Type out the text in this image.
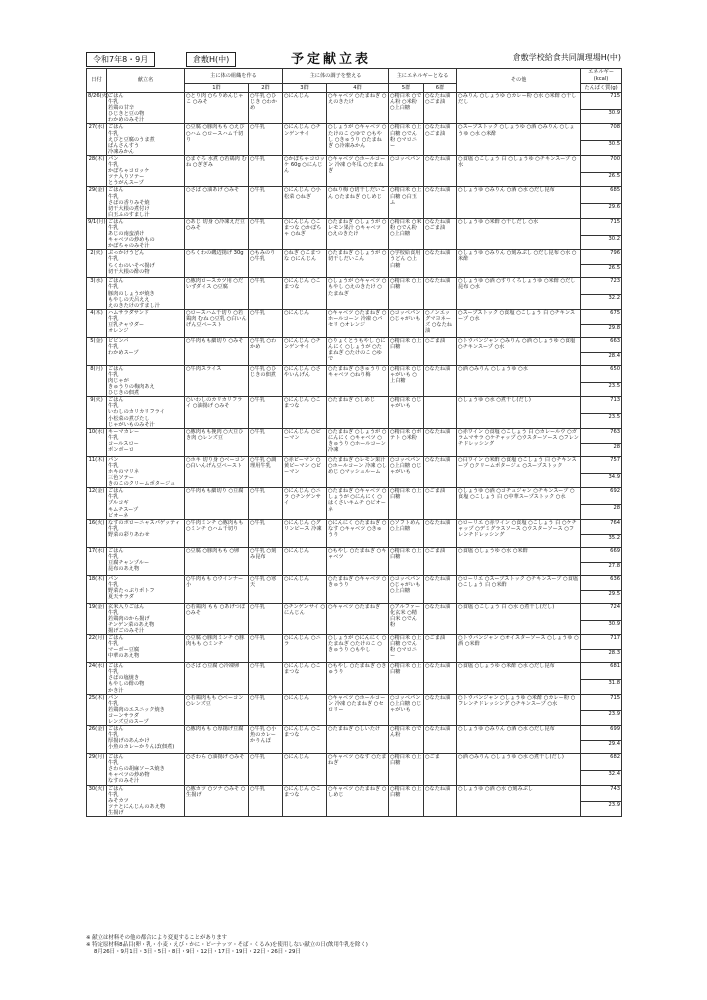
令和7年8・9月	倉敷H(中)	予定献立表	倉敷学校給食共同調理場H(中)
日付	献立名	主に体の組織を作る		主に体の調子を整える		主にエネルギーとなる		その他	エネルギー(kcal)
		1群	2群	3群	4群	5群	6群		たんぱく質(g)
8/26(火)	ごはん
牛乳
若鶏の甘辛
ひじきと豆の物
わかめのみそ汁	○とり肉 ○ちりめんじゃこ ○みそ	○牛乳 ○ひじき ○わかめ	○にんじん	○キャベツ ○たまねぎ ○えのきたけ	○精白米 ○でん粉 ○米粉 ○上白糖	○なたね油 ○ごま油	○みりん ○しょうゆ ○カレー粉 ○水 ○米酢 ○干しだし	715
									30.9
27(水)	ごはん
牛乳
えびと豆腐のうま煮
ぱんさんすう
冷凍みかん	○豆腐 ○豚肉もも ○えび ○ハム ○ロースハム千切り	○牛乳	○にんじん ○チンゲンサイ	○しょうが ○キャベツ ○たけのこ ○ゆで ○もやし ○きゅうり ○たまねぎ ○冷凍みかん	○精白米 ○上白糖 ○でん粉 ○マロニー	○なたね油 ○ごま油	○スープストック ○しょうゆ ○酒 ○みりん ○しょうゆ ○水 ○米酢	708
									30.5
28(木)	パン
牛乳
かぼちゃコロッケ
ツナ入りソテー
とうがんスープ	○まぐろ 水煮 ○若鶏肉 むね ○ぎぎみ	○牛乳	○かぼちゃコロッケ 60g ○にんじん	○キャベツ ○ホールコーン 冷凍 ○冬瓜 ○たまねぎ	○コッペパン	○なたね油	○食塩 ○こしょう 白 ○しょうゆ ○チキンスープ ○水	700
									26.5
29(金)	ごはん
牛乳
さばの香りみそ焼
切干大根の煮付け
白玉ふのすまし汁	○さば ○油あげ ○みそ	○牛乳	○にんじん ○小松菜 ○ねぎ	○ねり梅 ○切干しだいこん ○たまねぎ ○しめじ	○精白米 ○上白糖 ○白玉ふ	○なたね油	○しょうゆ ○みりん ○酒 ○水 ○だし昆布	685
									29.6
9/1(月)	ごはん
牛乳
あじの南蛮漬け
キャベツの炒めもの
かぼちゃのみそ汁	○あじ 切身 ○冷凍えだ豆 ○みそ	○牛乳	○にんじん ○こまつな ○かぼちゃ ○ねぎ	○たまねぎ ○しょうが ○レモン果汁 ○キャベツ ○えのきたけ	○精白米 ○米粉 ○でん粉 ○上白糖	○なたね油 ○ごま油	○しょうゆ ○米酢 ○干しだし ○水	715
									30.2
2(火)	ぶっかけうどん
牛乳
ちくわのいそべ揚げ
切干大根の酢の物	○ちくわの磯辺揚げ 30g	○もみのり ○牛乳	○ねぎ ○こまつな ○にんじん	○たまねぎ ○しょうが ○切干しだいこん	○学校給食用うどん ○上白糖	○なたね油	○しょうゆ ○みりん ○刻みぶし ○だし昆布 ○水 ○米酢	796
									26.5
3(水)	ごはん
牛乳
豚肉のしょうが焼き
もやしの天呂ええ
えのきたけのすまし汁	○豚肉ロースカツ用 ○だいずダイス ○豆腐	○牛乳	○にんじん ○こまつな	○しょうが ○キャベツ ○もやし ○えのきたけ ○たまねぎ	○精白米 ○上白糖	○なたね油	○しょうゆ ○酒 ○すりくろしょうゆ ○米酢 ○だし昆布 ○水	723
									32.2
4(木)	ハムサラダサンド
牛乳
豆乳チャウダー
オレンジ	○ロースハム千切り ○若鶏肉 むね ○豆乳 ○白いんげん豆ペースト	○牛乳	○にんじん	○キャベツ ○たまねぎ ○ホールコーン 冷凍 ○パセリ ○オレンジ	○コッペパン ○じゃがいも	○ノンエッグマヨネーズ ○なたね油	○スープストック ○食塩 ○こしょう 白 ○チキンスープ ○水	675
									29.8
5(金)	ビビンバ
牛乳
わかめスープ	○牛肉もも細切り ○みそ	○牛乳 ○わかめ	○にんじん ○チンゲンサイ	○りょくとうもやし ○にんにく ○しょうが ○たまねぎ ○たけのこ ○ゆで	○精白米 ○上白糖	○ごま油	○トウバンジャン ○みりん ○酒 ○しょうゆ ○食塩 ○チキンスープ ○水	663
									28.4
8(月)	ごはん
牛乳
肉じゃが
きゅうりの梅肉あえ
ひじきの佃煮	○牛肉スライス	○牛乳 ○ひじきの佃煮	○にんじん ○さやいんげん	○たまねぎ ○きゅうり ○キャベツ ○ねり梅	○精白米 ○じゃがいも ○上白糖	○なたね油	○酒 ○みりん ○しょうゆ ○水	650
									23.5
9(火)	ごはん
牛乳
いわしのカリカリフライ
小松菜の煮びたし
じゃがいものみそ汁	○いわしのカリカリフライ ○油揚げ ○みそ	○牛乳	○にんじん ○こまつな	○たまねぎ ○しめじ	○精白米 ○じゃがいも		○しょうゆ ○水 ○煮干し(だし)	713
									23.5
10(水)	キーマカレー
牛乳
コールスロー
ボンボーロ	○豚肉もも挽肉 ○大豆ひき肉 ○レンズ豆	○牛乳	○にんじん ○ピーマン	○たまねぎ ○しょうが ○にんにく ○キャベツ ○きゅうり ○ホールコーン 冷凍	○精白米 ○ポテト ○米粉	○なたね油	○赤ワイン ○食塩 ○こしょう 白 ○カレールウ ○ガラムマサラ ○ケチャップ ○ウスターソース ○フレンチドレッシング	763
									28
11(木)	パン
牛乳
ホキのマリネ
三色ソテー
きのこのクリームポタージュ	○ホキ 切り身 ○ベーコン ○白いんげん豆ペースト	○牛乳 ○調理用牛乳	○赤ピーマン ○黄ピーマン ○ピーマン	○たまねぎ ○レモン果汁 ○ホールコーン 冷凍 ○しめじ ○マッシュルーム	○コッペパン ○上白糖 ○じゃがいも	○なたね油	○白ワイン ○米酢 ○食塩 ○こしょう 白 ○チキンスープ ○クリームポタージュ ○スープストック	757
									34.9
12(金)	ごはん
牛乳
プルコギ
キムチスープ
ビオーネ	○牛肉もも細切り ○豆腐	○牛乳	○にんじん ○ニラ ○チンゲンサイ	○たまねぎ ○キャベツ ○しょうが ○にんにく ○はくさいキムチ ○ビオーネ	○精白米 ○上白糖	○ごま油	○しょうゆ ○酒 ○コチュジャン ○チキンスープ ○食塩 ○こしょう 白 ○中華スープストック ○水	692
									28
16(火)	なすのボローニャスパゲッティ
牛乳
野菜の彩りあわせ	○牛肉ミンチ ○豚肉もも ○ミンチ ○ハム千切り	○牛乳	○にんじん ○グリンピース 冷凍	○にんにく ○たまねぎ ○なす ○キャベツ ○きゅうり	○ソフトめん ○上白糖	○なたね油	○ローリエ ○赤ワイン ○食塩 ○こしょう 白 ○ケチャップ ○デミグラスソース ○ウスターソース ○フレンチドレッシング	764
									35.2
17(水)	ごはん
牛乳
豆腐チャンプルー
昆布のあえ物	○豆腐 ○豚肉もも ○卵	○牛乳 ○刻み昆布	○にんじん	○もやし ○たまねぎ ○キャベツ	○精白米 ○上白糖	○ごま油	○食塩 ○しょうゆ ○水 ○米酢	669
									27.8
18(木)	パン
牛乳
野菜たっぷりポトフ
夏天サラダ	○牛肉もも ○ウインナー 小	○牛乳 ○寒天	○にんじん	○たまねぎ ○キャベツ ○きゅうり	○コッペパン ○じゃがいも ○上白糖	○なたね油	○ローリエ ○スープストック ○チキンスープ ○食塩 ○こしょう 白 ○米酢	636
									29.5
19(金)	玄米入りごはん
牛乳
若鶏肉のから揚げ
チンゲン菜のあえ物
揚げごのみそ汁	○若鶏肉 もも ○あげつぼ ○みそ	○牛乳	○チンゲンサイ ○にんじん	○キャベツ ○たまねぎ	○アルファー化玄米 ○精白米 ○でん粉	○なたね油	○食塩 ○こしょう 白 ○水 ○煮干し(だし)	724
									30.9
22(月)	ごはん
牛乳
マーボー豆腐
中華のあえ物	○豆腐 ○豚肉ミンチ ○豚肉もも ○ミンチ	○牛乳	○にんじん ○ニラ	○しょうが ○にんにく ○たまねぎ ○たけのこ ○きゅうり ○もやし	○精白米 ○上白糖 ○でん粉 ○マロニー	○ごま油	○トウバンジャン ○オイスターソース ○しょうゆ ○酒 ○米酢	717
									28.3
24(水)	ごはん
牛乳
さばの塩焼き
もやしの酢の物
かき汁	○さば ○豆腐 ○冷凍卵	○牛乳	○にんじん ○こまつな	○もやし ○たまねぎ ○きゅうり	○精白米 ○上白糖	○なたね油	○食塩 ○しょうゆ ○米酢 ○水 ○だし昆布	681
									31.8
25(木)	パン
牛乳
若鶏肉のエスニック焼き
コーンサラダ
レンズ豆のスープ	○若鶏肉もも ○ベーコン ○レンズ豆	○牛乳	○にんじん	○キャベツ ○ホールコーン 冷凍 ○たまねぎ ○セロリー	○コッペパン ○上白糖 ○じゃがいも	○なたね油	○トウバンジャン ○しょうゆ ○米酢 ○カレー粉 ○フレンチドレッシング ○チキンスープ ○水	715
									23.9
26(金)	ごはん
牛乳
厚揚げのあんかけ
小魚のカレーかりんぽ(佃煮)	○豚肉もも ○厚揚げ豆腐	○牛乳 ○小魚のカレーかりんぽ	○にんじん ○こまつな	○たまねぎ ○しいたけ	○精白米 ○でん粉	○なたね油	○しょうゆ ○みりん ○酒 ○水 ○だし昆布	699
									29.4
29(月)	ごはん
牛乳
さわらの胡麻ソース焼き
キャベツの炒め物
なすのみそ汁	○さわら ○油揚げ ○みそ	○牛乳	○にんじん	○キャベツ ○なす ○たまねぎ	○精白米 ○上白糖	○ごま	○酒 ○みりん ○しょうゆ ○水 ○煮干し(だし)	682
									32.4
30(火)	ごはん
牛乳
みそカツ
ツナとにんじんのあえ物
生揚げ	○豚カツ ○ツナ ○みそ ○生揚げ	○牛乳	○にんじん ○こまつな	○キャベツ ○たまねぎ ○しめじ	○精白米 ○上白糖	○なたね油	○しょうゆ ○酒 ○水 ○刻みぶし	743
									23.9
※ 献立は材料その他の都合により変更することがあります
※ 特定原材料8品目(卵・乳・小麦・えび・かに・ピーナッツ・そば・くるみ)を使用しない献立の日(飲用牛乳を除く)
8月26日・9月1日・3日・5日・8日・9日・12日・17日・19日・22日・26日・29日
